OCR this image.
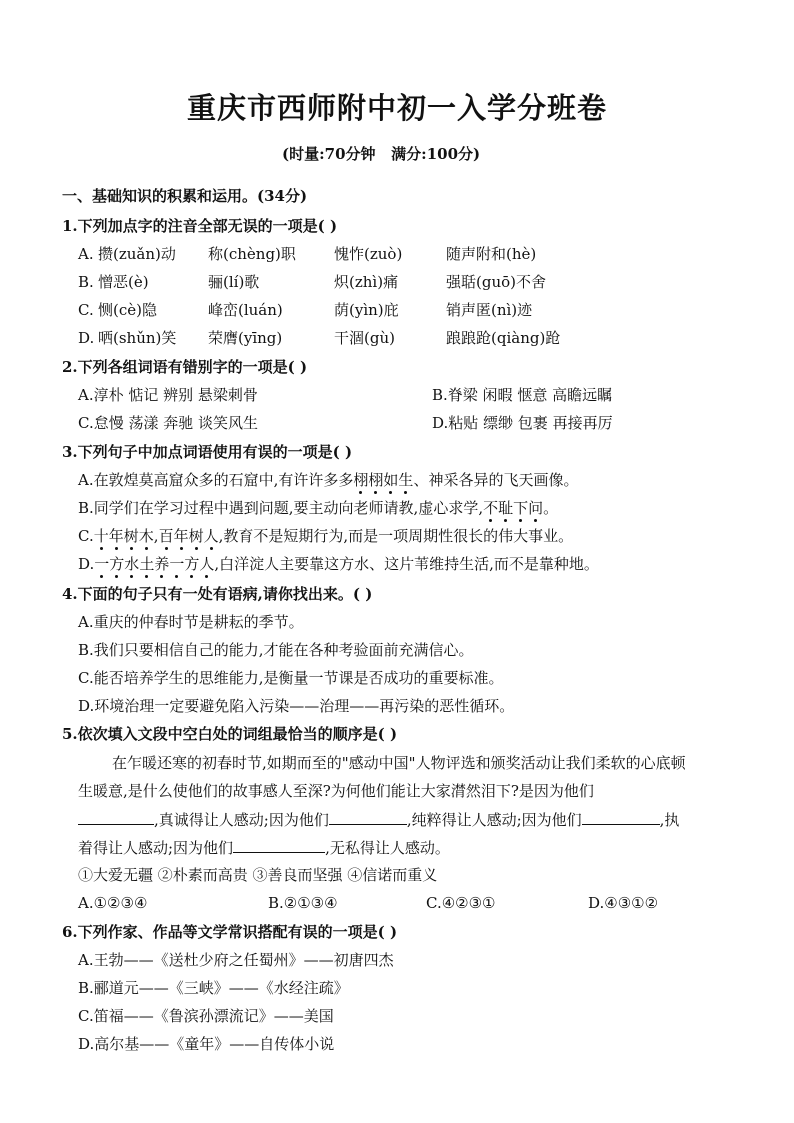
重庆市西师附中初一入学分班卷
(时量:70分钟   满分:100分)
一、基础知识的积累和运用。(34分)
1.下列加点字的注音全部无误的一项是( )
A. 攒(zuǎn)动 称(chèng)职	愧怍(zuò)	随声附和(hè)
B. 憎恶(è)	骊(lí)歌	炽(zhì)痛	强聒(guō)不舍
C. 恻(cè)隐	峰峦(luán)	荫(yìn)庇	销声匿(nì)迹
D. 哂(shǔn)笑 荣膺(yīng)	干涸(gù)	踉踉跄(qiàng)跄
2.下列各组词语有错别字的一项是( )
A.淳朴 惦记 辨别 悬梁刺骨	B.脊梁 闲暇 惬意 高瞻远瞩
C.怠慢 荡漾 奔驰 谈笑风生	D.粘贴 缥缈 包裹 再接再厉
3.下列句子中加点词语使用有误的一项是( )
A.在敦煌莫高窟众多的石窟中,有许许多多栩栩如生、神采各异的飞天画像。
B.同学们在学习过程中遇到问题,要主动向老师请教,虚心求学,不耻下问。
C.十年树木,百年树人,教育不是短期行为,而是一项周期性很长的伟大事业。
D.一方水土养一方人,白洋淀人主要靠这方水、这片苇维持生活,而不是靠种地。
4.下面的句子只有一处有语病,请你找出来。( )
A.重庆的仲春时节是耕耘的季节。
B.我们只要相信自己的能力,才能在各种考验面前充满信心。
C.能否培养学生的思维能力,是衡量一节课是否成功的重要标准。
D.环境治理一定要避免陷入污染——治理——再污染的恶性循环。
5.依次填入文段中空白处的词组最恰当的顺序是( )
在乍暖还寒的初春时节,如期而至的"感动中国"人物评选和颁奖活动让我们柔软的心底顿
生暖意,是什么使他们的故事感人至深?为何他们能让大家潸然泪下?是因为他们
,真诚得让人感动;因为他们	,纯粹得让人感动;因为他们	,执
着得让人感动;因为他们	,无私得让人感动。
①大爱无疆 ②朴素而高贵 ③善良而坚强 ④信诺而重义
A.①②③④	B.②①③④	C.④②③①	D.④③①②
6.下列作家、作品等文学常识搭配有误的一项是( )
A.王勃——《送杜少府之任蜀州》——初唐四杰
B.郦道元——《三峡》——《水经注疏》
C.笛福——《鲁滨孙漂流记》——美国
D.高尔基——《童年》——自传体小说
